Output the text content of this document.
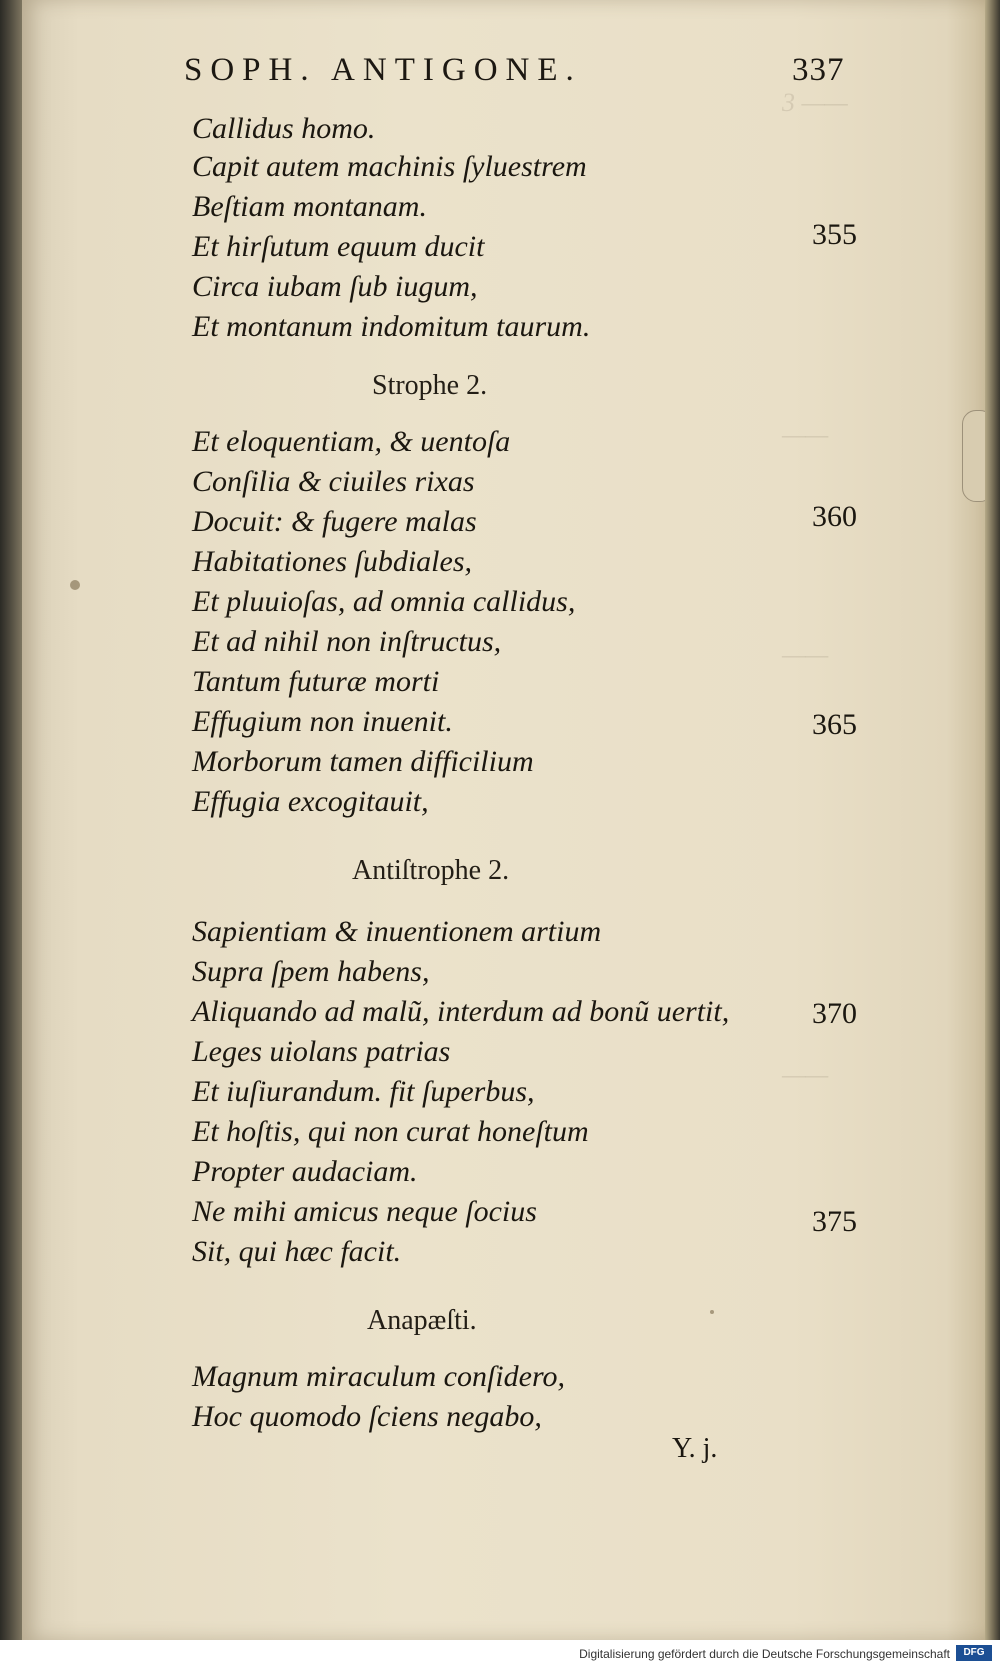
3 ——
——
——
——
SOPH. ANTIGONE.	337
Callidus homo.
Capit autem machinis ſyluestrem
Beſtiam montanam.
Et hirſutum equum ducit
Circa iubam ſub iugum,
Et montanum indomitum taurum.
Strophe 2.
Et eloquentiam, & uentoſa
Conſilia & ciuiles rixas
Docuit: & fugere malas
Habitationes ſubdiales,
Et pluuioſas, ad omnia callidus,
Et ad nihil non inſtructus,
Tantum futuræ morti
Effugium non inuenit.
Morborum tamen difficilium
Effugia excogitauit,
Antiſtrophe 2.
Sapientiam & inuentionem artium
Supra ſpem habens,
Aliquando ad malũ, interdum ad bonũ uertit,
Leges uiolans patrias
Et iuſiurandum. fit ſuperbus,
Et hoſtis, qui non curat honeſtum
Propter audaciam.
Ne mihi amicus neque ſocius
Sit, qui hæc facit.
Anapæſti.
Magnum miraculum conſidero,
Hoc quomodo ſciens negabo,
355
360
365
370
375
Y. j.
Digitalisierung gefördert durch die Deutsche Forschungsgemeinschaft	DFG
